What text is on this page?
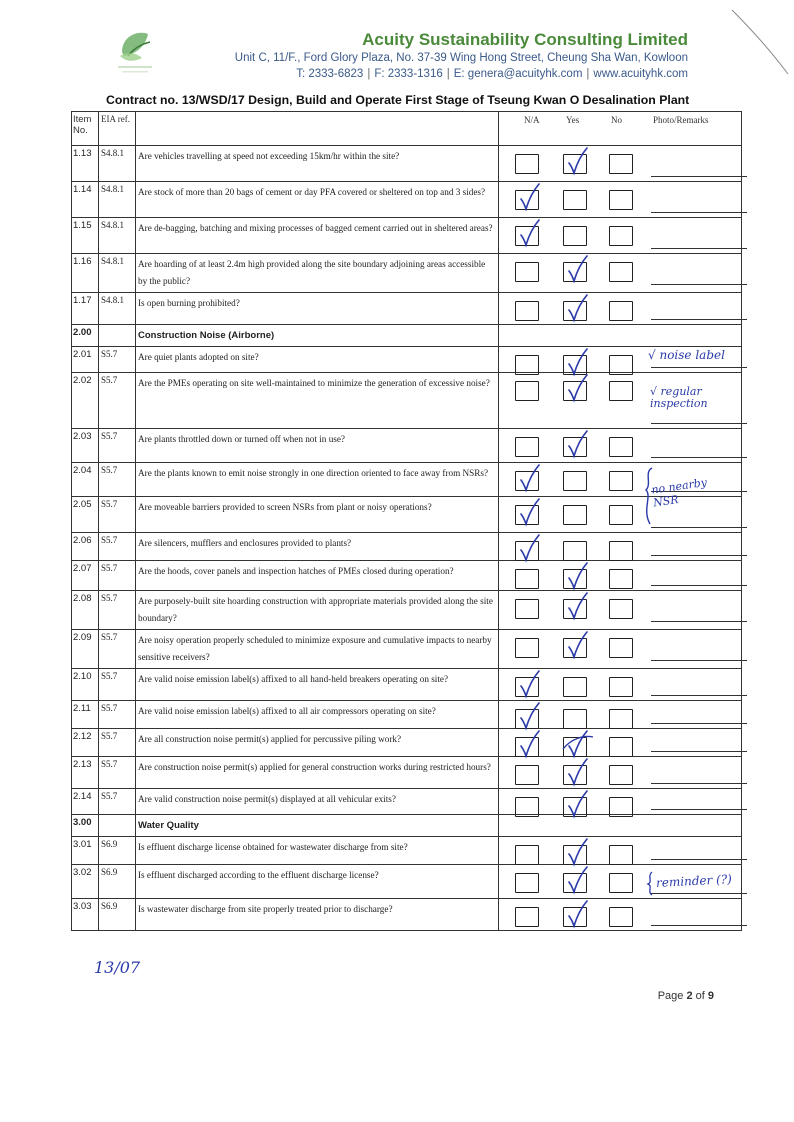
Acuity Sustainability Consulting Limited
Unit C, 11/F., Ford Glory Plaza, No. 37-39 Wing Hong Street, Cheung Sha Wan, Kowloon
T: 2333-6823 | F: 2333-1316 | E: genera@acuityhk.com | www.acuityhk.com
Contract no. 13/WSD/17 Design, Build and Operate First Stage of Tseung Kwan O Desalination Plant
Item No.	EIA ref.		N/A Yes No Photo/Remarks

1.13	S4.8.1	Are vehicles travelling at speed not exceeding 15km/hr within the site?	

1.14	S4.8.1	Are stock of more than 20 bags of cement or day PFA covered or sheltered on top and 3 sides?	

1.15	S4.8.1	Are de-bagging, batching and mixing processes of bagged cement carried out in sheltered areas?	

1.16	S4.8.1	Are hoarding of at least 2.4m high provided along the site boundary adjoining areas accessible by the public?	

1.17	S4.8.1	Is open burning prohibited?	

2.00		Construction Noise (Airborne)	
2.01	S5.7	Are quiet plants adopted on site?	

2.02	S5.7	Are the PMEs operating on site well-maintained to minimize the generation of excessive noise?	

2.03	S5.7	Are plants throttled down or turned off when not in use?	

2.04	S5.7	Are the plants known to emit noise strongly in one direction oriented to face away from NSRs?	

2.05	S5.7	Are moveable barriers provided to screen NSRs from plant or noisy operations?	

2.06	S5.7	Are silencers, mufflers and enclosures provided to plants?	

2.07	S5.7	Are the hoods, cover panels and inspection hatches of PMEs closed during operation?	

2.08	S5.7	Are purposely-built site hoarding construction with appropriate materials provided along the site boundary?	

2.09	S5.7	Are noisy operation properly scheduled to minimize exposure and cumulative impacts to nearby sensitive receivers?	

2.10	S5.7	Are valid noise emission label(s) affixed to all hand-held breakers operating on site?	

2.11	S5.7	Are valid noise emission label(s) affixed to all air compressors operating on site?	

2.12	S5.7	Are all construction noise permit(s) applied for percussive piling work?	

2.13	S5.7	Are construction noise permit(s) applied for general construction works during restricted hours?	

2.14	S5.7	Are valid construction noise permit(s) displayed at all vehicular exits?	

3.00		Water Quality	
3.01	S6.9	Is effluent discharge license obtained for wastewater discharge from site?	

3.02	S6.9	Is effluent discharged according to the effluent discharge license?	

3.03	S6.9	Is wastewater discharge from site properly treated prior to discharge?	
√ noise label
√ regular inspection
no nearby NSR
reminder (?)
13/07
Page 2 of 9
